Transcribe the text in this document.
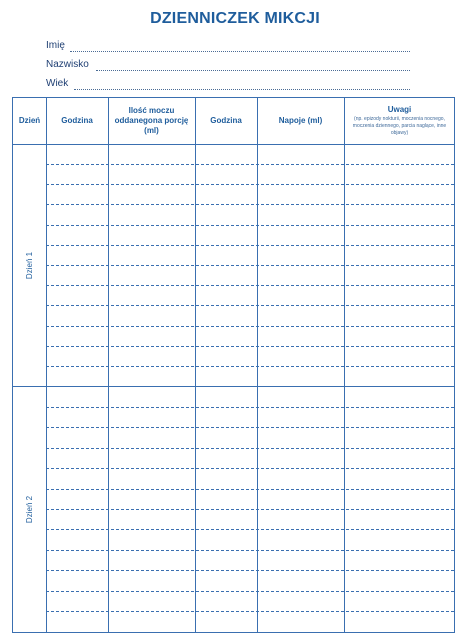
DZIENNICZEK MIKCJI
Imię
Nazwisko
Wiek
Dzień	Godzina
Ilość moczu oddanegona porcję (ml)
Godzina	Napoje (ml)
Uwagi
(np. epizody nokturii, moczenia nocnego, moczenia dziennego, parcia naglące, inne objawy)
Dzień 1
Dzień 2
